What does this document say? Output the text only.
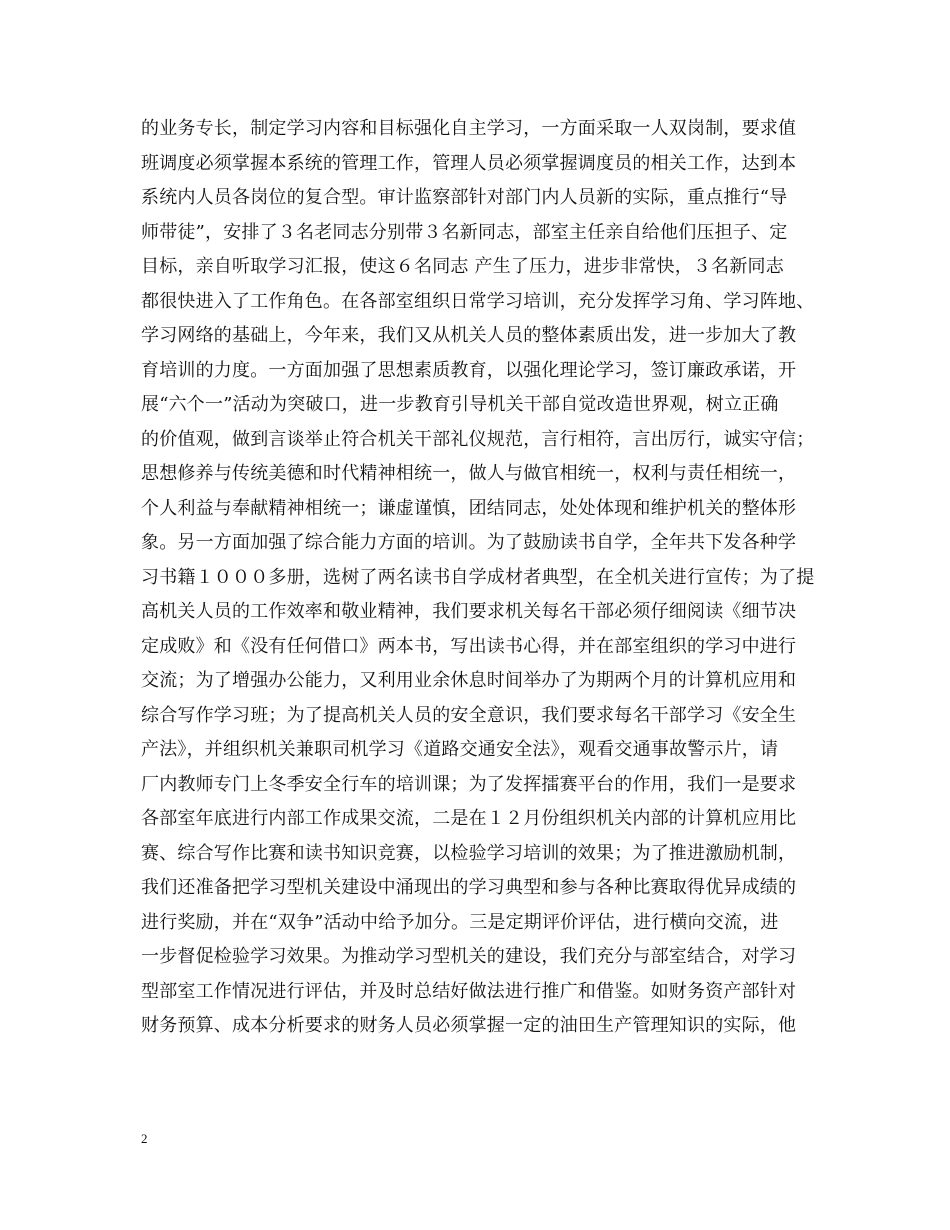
的业务专长，制定学习内容和目标强化自主学习，一方面采取一人双岗制，要求值
班调度必须掌握本系统的管理工作，管理人员必须掌握调度员的相关工作，达到本
系统内人员各岗位的复合型。审计监察部针对部门内人员新的实际，重点推行“导
师带徒”，安排了３名老同志分别带３名新同志，部室主任亲自给他们压担子、定
目标，亲自听取学习汇报，使这６名同志 产生了压力，进步非常快，３名新同志
都很快进入了工作角色。在各部室组织日常学习培训，充分发挥学习角、学习阵地、
学习网络的基础上，今年来，我们又从机关人员的整体素质出发，进一步加大了教
育培训的力度。一方面加强了思想素质教育，以强化理论学习，签订廉政承诺，开
展“六个一”活动为突破口，进一步教育引导机关干部自觉改造世界观，树立正确
的价值观，做到言谈举止符合机关干部礼仪规范，言行相符，言出厉行，诚实守信；
思想修养与传统美德和时代精神相统一，做人与做官相统一，权利与责任相统一，
个人利益与奉献精神相统一；谦虚谨慎，团结同志，处处体现和维护机关的整体形
象。另一方面加强了综合能力方面的培训。为了鼓励读书自学，全年共下发各种学
习书籍１０００多册，选树了两名读书自学成材者典型，在全机关进行宣传；为了提
高机关人员的工作效率和敬业精神，我们要求机关每名干部必须仔细阅读《细节决
定成败》和《没有任何借口》两本书，写出读书心得，并在部室组织的学习中进行
交流；为了增强办公能力，又利用业余休息时间举办了为期两个月的计算机应用和
综合写作学习班；为了提高机关人员的安全意识，我们要求每名干部学习《安全生
产法》，并组织机关兼职司机学习《道路交通安全法》，观看交通事故警示片，请
厂内教师专门上冬季安全行车的培训课；为了发挥擂赛平台的作用，我们一是要求
各部室年底进行内部工作成果交流，二是在１２月份组织机关内部的计算机应用比
赛、综合写作比赛和读书知识竞赛，以检验学习培训的效果；为了推进激励机制，
我们还准备把学习型机关建设中涌现出的学习典型和参与各种比赛取得优异成绩的
进行奖励，并在“双争”活动中给予加分。三是定期评价评估，进行横向交流，进
一步督促检验学习效果。为推动学习型机关的建设，我们充分与部室结合，对学习
型部室工作情况进行评估，并及时总结好做法进行推广和借鉴。如财务资产部针对
财务预算、成本分析要求的财务人员必须掌握一定的油田生产管理知识的实际，他
2
